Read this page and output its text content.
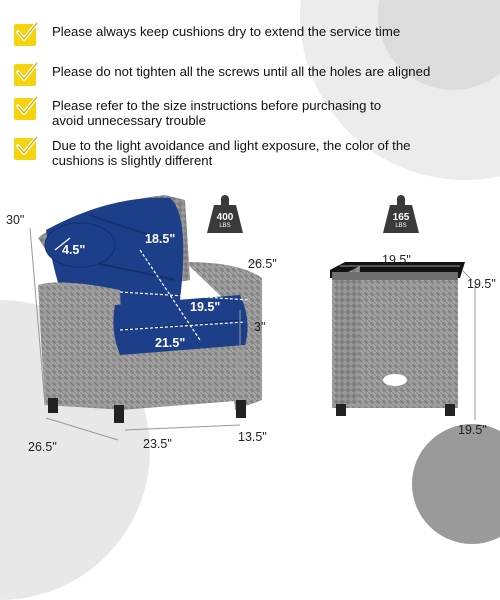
Please always keep cushions dry to extend the service time
Please do not tighten all the screws until all the holes are aligned
Please refer to the size instructions before purchasing to avoid unnecessary trouble
Due to the light avoidance and light exposure, the color of the cushions is slightly different
400
LBS
165
LBS
30"
4.5"
18.5"
26.5"
19.5"
3"
21.5"
13.5"
26.5"	23.5"
19.5"
19.5"
19.5"
